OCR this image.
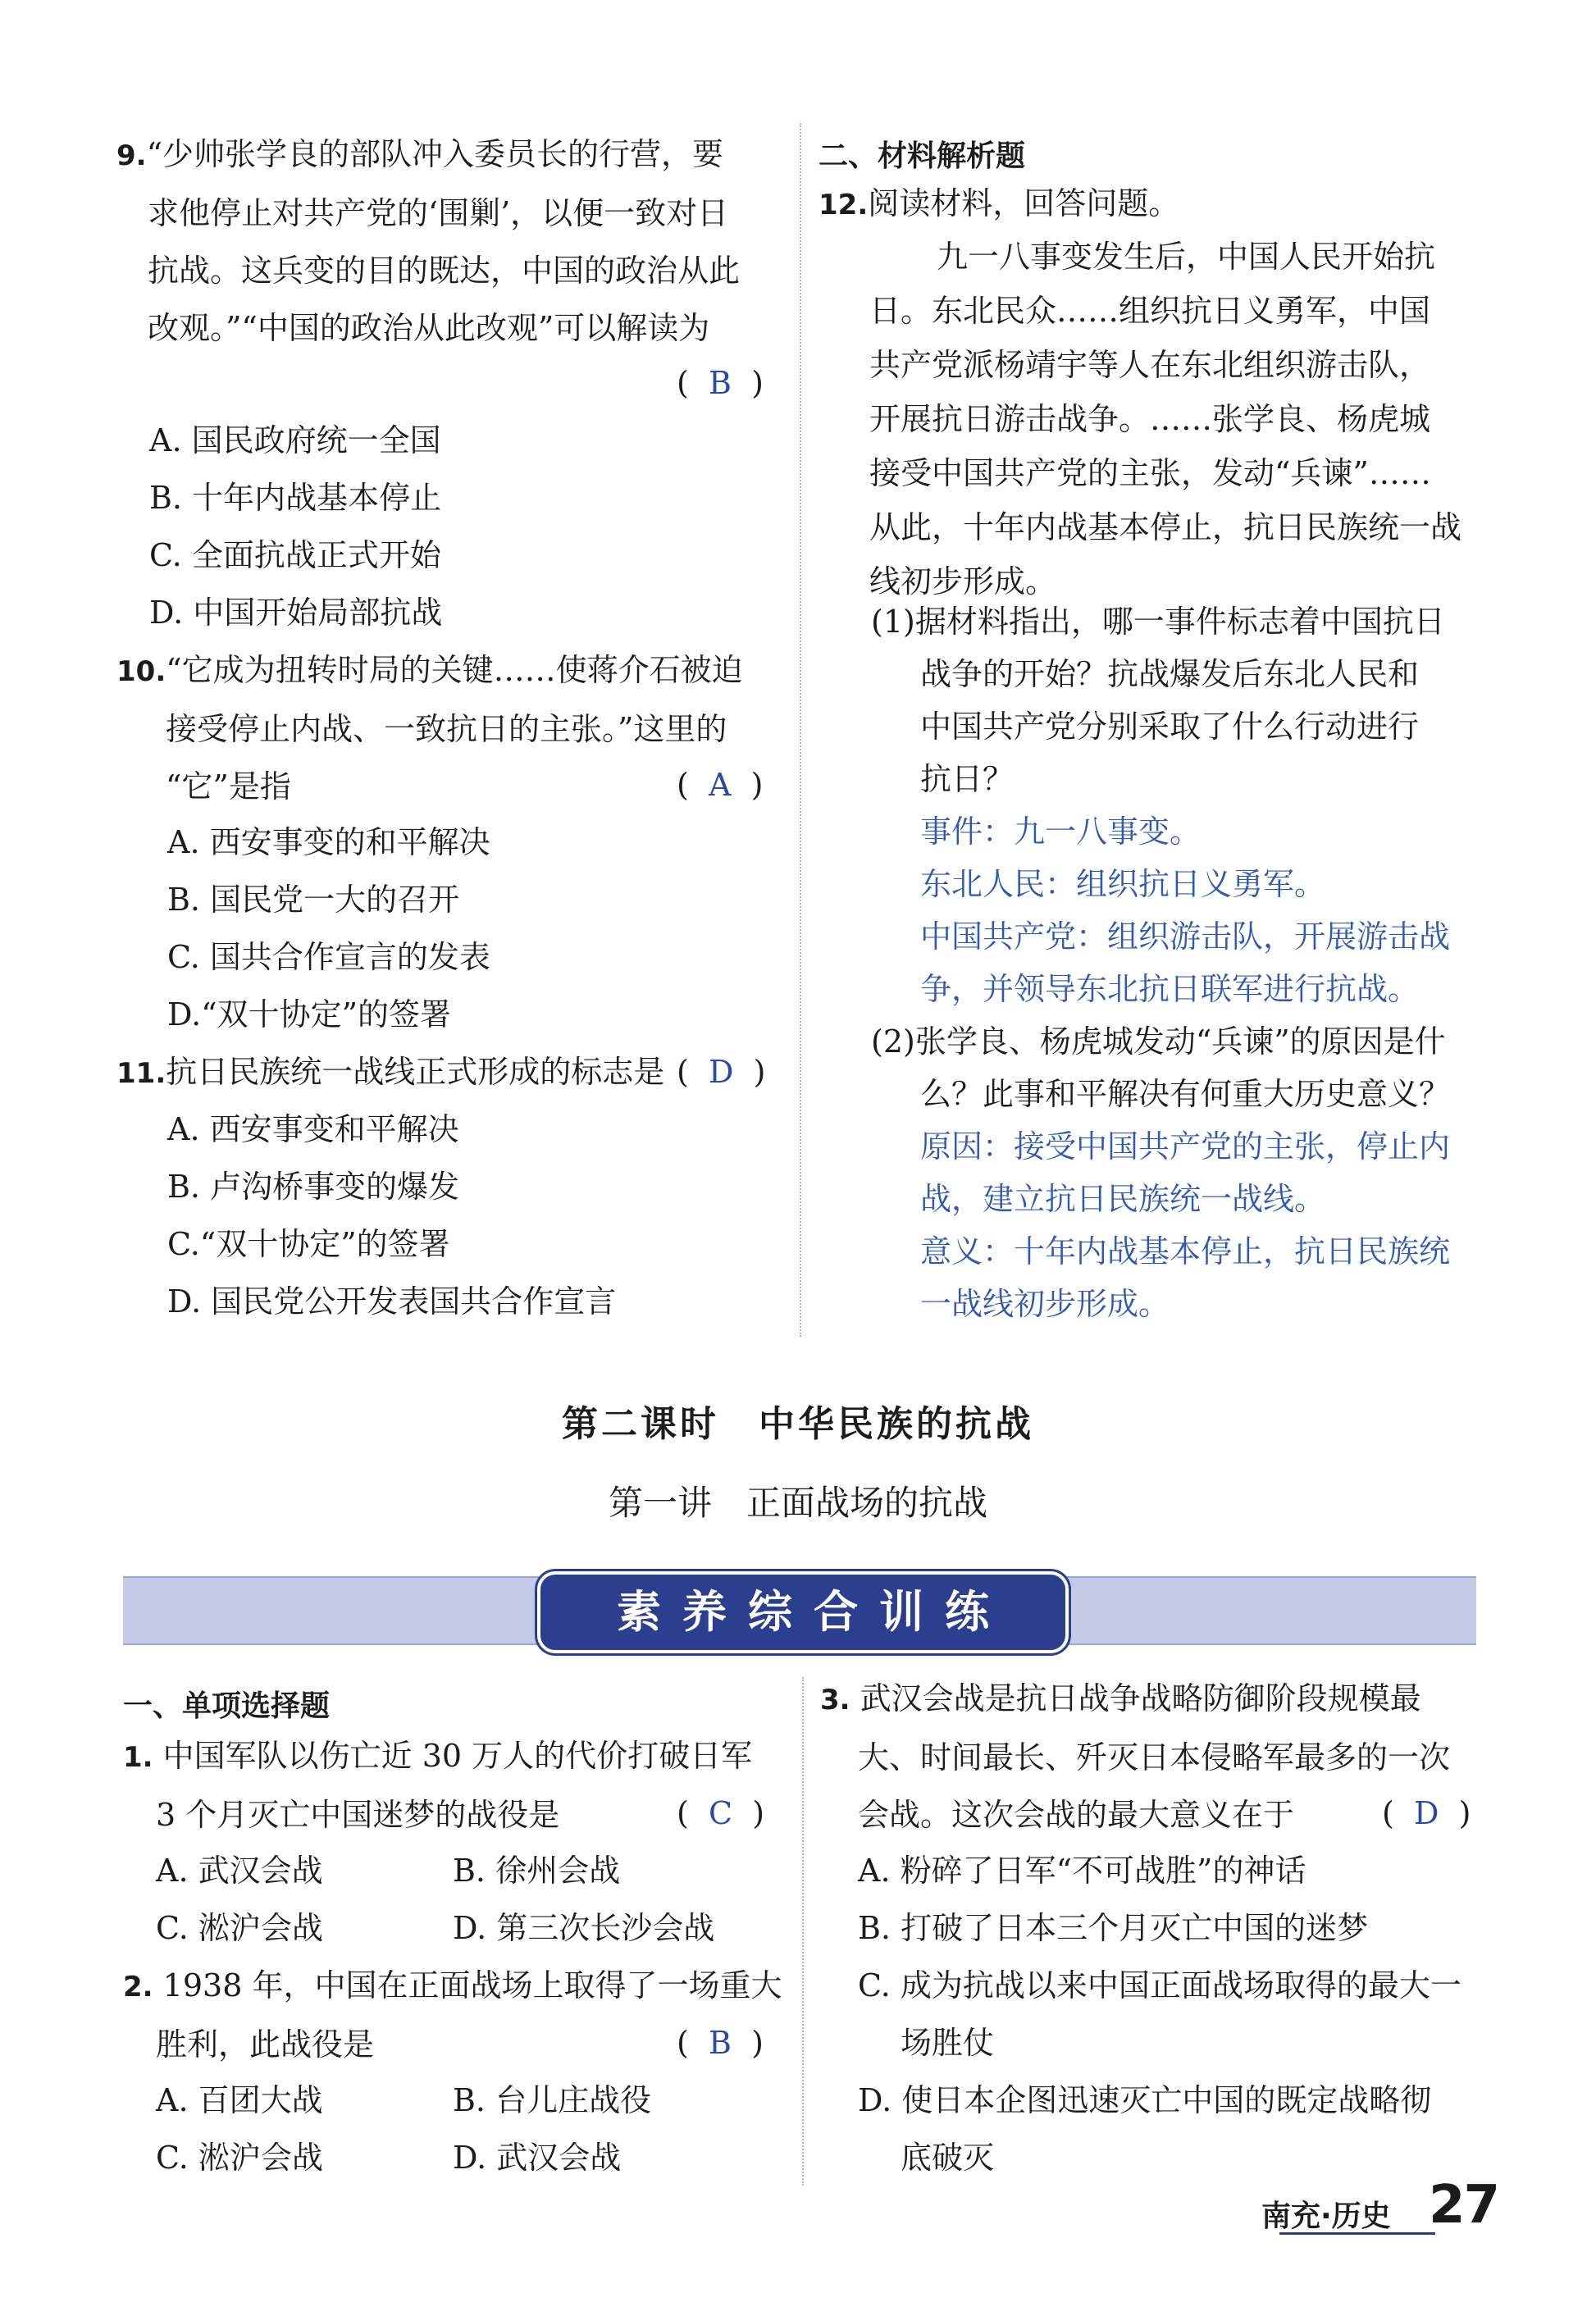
9.“少帅张学良的部队冲入委员长的行营，要
求他停止对共产党的‘围剿’，以便一致对日
抗战。这兵变的目的既达，中国的政治从此
改观。”“中国的政治从此改观”可以解读为
(  B  )
A. 国民政府统一全国
B. 十年内战基本停止
C. 全面抗战正式开始
D. 中国开始局部抗战
10.“它成为扭转时局的关键……使蒋介石被迫
接受停止内战、一致抗日的主张。”这里的
“它”是指	(  A  )
A. 西安事变的和平解决
B. 国民党一大的召开
C. 国共合作宣言的发表
D.“双十协定”的签署
11.抗日民族统一战线正式形成的标志是 (  D  )
A. 西安事变和平解决
B. 卢沟桥事变的爆发
C.“双十协定”的签署
D. 国民党公开发表国共合作宣言
二、材料解析题
12.阅读材料，回答问题。
九一八事变发生后，中国人民开始抗
日。东北民众……组织抗日义勇军，中国
共产党派杨靖宇等人在东北组织游击队，
开展抗日游击战争。……张学良、杨虎城
接受中国共产党的主张，发动“兵谏”……
从此，十年内战基本停止，抗日民族统一战
线初步形成。
(1)据材料指出，哪一事件标志着中国抗日
战争的开始？抗战爆发后东北人民和
中国共产党分别采取了什么行动进行
抗日？
事件：九一八事变。
东北人民：组织抗日义勇军。
中国共产党：组织游击队，开展游击战
争，并领导东北抗日联军进行抗战。
(2)张学良、杨虎城发动“兵谏”的原因是什
么？此事和平解决有何重大历史意义？
原因：接受中国共产党的主张，停止内
战，建立抗日民族统一战线。
意义：十年内战基本停止，抗日民族统
一战线初步形成。
第二课时　中华民族的抗战
第一讲　正面战场的抗战
素养综合训练
一、单项选择题
1. 中国军队以伤亡近 30 万人的代价打破日军
3 个月灭亡中国迷梦的战役是	(  C  )
A. 武汉会战	B. 徐州会战
C. 淞沪会战	D. 第三次长沙会战
2. 1938 年，中国在正面战场上取得了一场重大
胜利，此战役是	(  B  )
A. 百团大战	B. 台儿庄战役
C. 淞沪会战	D. 武汉会战
3. 武汉会战是抗日战争战略防御阶段规模最
大、时间最长、歼灭日本侵略军最多的一次
会战。这次会战的最大意义在于	(  D  )
A. 粉碎了日军“不可战胜”的神话
B. 打破了日本三个月灭亡中国的迷梦
C. 成为抗战以来中国正面战场取得的最大一
场胜仗
D. 使日本企图迅速灭亡中国的既定战略彻
底破灭
南充·历史 27
